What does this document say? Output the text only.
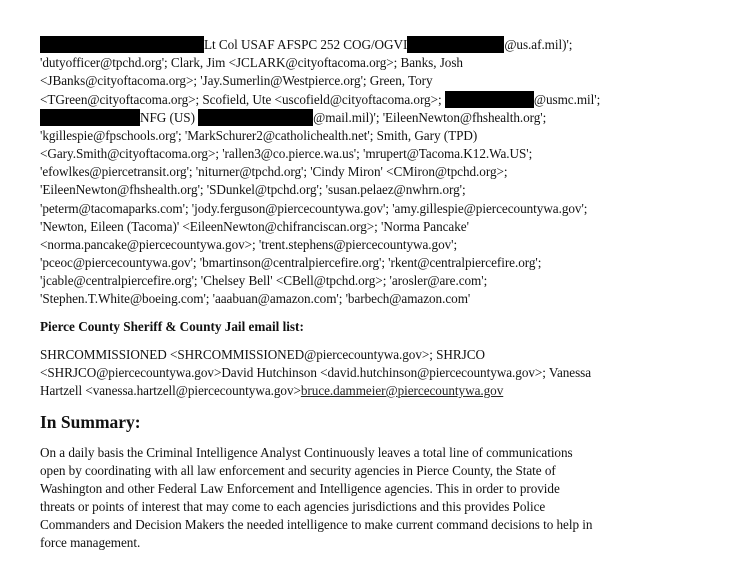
Lt Col USAF AFSPC 252 COG/OGVI	@us.af.mil)';
'dutyofficer@tpchd.org'; Clark, Jim <JCLARK@cityoftacoma.org>; Banks, Josh
<JBanks@cityoftacoma.org>; 'Jay.Sumerlin@Westpierce.org'; Green, Tory
<TGreen@cityoftacoma.org>; Scofield, Ute <uscofield@cityoftacoma.org>;	@usmc.mil';
NFG (US)	@mail.mil)'; 'EileenNewton@fhshealth.org';
'kgillespie@fpschools.org'; 'MarkSchurer2@catholichealth.net'; Smith, Gary (TPD)
<Gary.Smith@cityoftacoma.org>; 'rallen3@co.pierce.wa.us'; 'mrupert@Tacoma.K12.Wa.US';
'efowlkes@piercetransit.org'; 'niturner@tpchd.org'; 'Cindy Miron' <CMiron@tpchd.org>;
'EileenNewton@fhshealth.org'; 'SDunkel@tpchd.org'; 'susan.pelaez@nwhrn.org';
'peterm@tacomaparks.com'; 'jody.ferguson@piercecountywa.gov'; 'amy.gillespie@piercecountywa.gov';
'Newton, Eileen (Tacoma)' <EileenNewton@chifranciscan.org>; 'Norma Pancake'
<norma.pancake@piercecountywa.gov>; 'trent.stephens@piercecountywa.gov';
'pceoc@piercecountywa.gov'; 'bmartinson@centralpiercefire.org'; 'rkent@centralpiercefire.org';
'jcable@centralpiercefire.org'; 'Chelsey Bell' <CBell@tpchd.org>; 'arosler@are.com';
'Stephen.T.White@boeing.com'; 'aaabuan@amazon.com'; 'barbech@amazon.com'
Pierce County Sheriff & County Jail email list:
SHRCOMMISSIONED <SHRCOMMISSIONED@piercecountywa.gov>; SHRJCO
<SHRJCO@piercecountywa.gov>David Hutchinson <david.hutchinson@piercecountywa.gov>; Vanessa
Hartzell <vanessa.hartzell@piercecountywa.gov>bruce.dammeier@piercecountywa.gov
In Summary:
On a daily basis the Criminal Intelligence Analyst Continuously leaves a total line of communications
open by coordinating with all law enforcement and security agencies in Pierce County, the State of
Washington and other Federal Law Enforcement and Intelligence agencies. This in order to provide
threats or points of interest that may come to each agencies jurisdictions and this provides Police
Commanders and Decision Makers the needed intelligence to make current command decisions to help in
force management.
